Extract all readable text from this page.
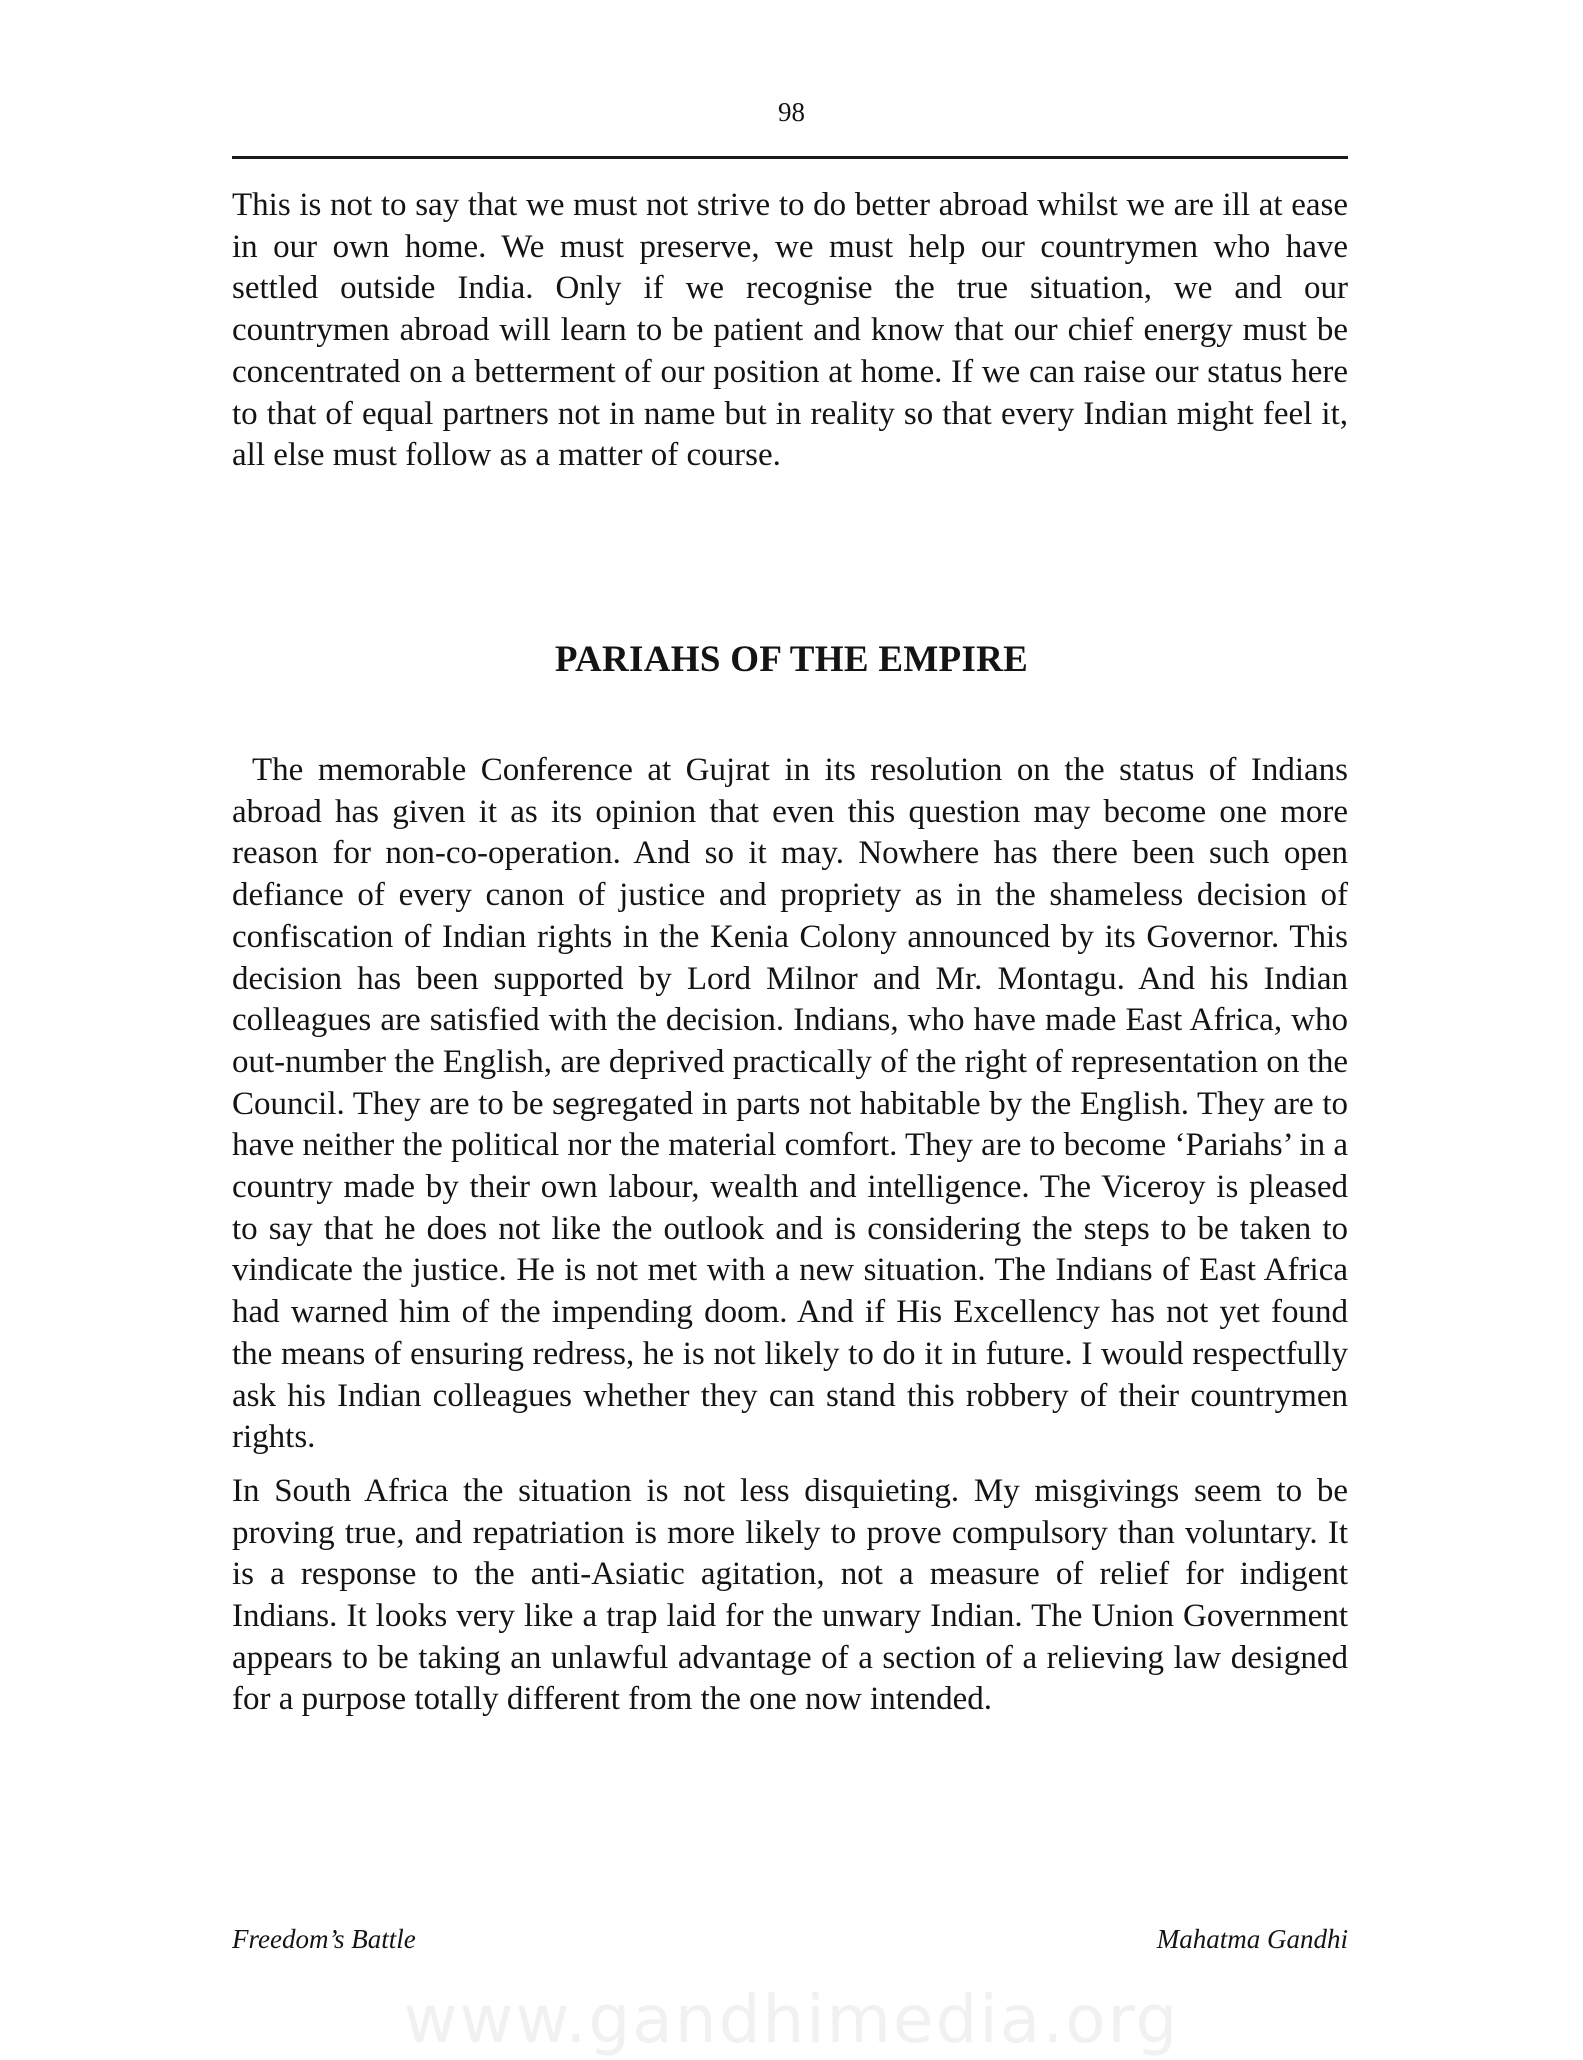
98

This is not to say that we must not strive to do better abroad whilst we are ill at ease in our own home. We must preserve, we must help our countrymen who have settled outside India. Only if we recognise the true situation, we and our countrymen abroad will learn to be patient and know that our chief energy must be concentrated on a betterment of our position at home. If we can raise our status here to that of equal partners not in name but in reality so that every Indian might feel it, all else must follow as a matter of course.

PARIAHS OF THE EMPIRE

The memorable Conference at Gujrat in its resolution on the status of Indians abroad has given it as its opinion that even this question may become one more reason for non-co-operation. And so it may. Nowhere has there been such open defiance of every canon of justice and propriety as in the shameless decision of confiscation of Indian rights in the Kenia Colony announced by its Governor. This decision has been supported by Lord Milnor and Mr. Montagu. And his Indian colleagues are satisfied with the decision. Indians, who have made East Africa, who out-number the English, are deprived practically of the right of representation on the Council. They are to be segregated in parts not habitable by the English. They are to have neither the political nor the material comfort. They are to become ‘Pariahs’ in a country made by their own labour, wealth and intelligence. The Viceroy is pleased to say that he does not like the outlook and is considering the steps to be taken to vindicate the justice. He is not met with a new situation. The Indians of East Africa had warned him of the impending doom. And if His Excellency has not yet found the means of ensuring redress, he is not likely to do it in future. I would respectfully ask his Indian colleagues whether they can stand this robbery of their countrymen rights.

In South Africa the situation is not less disquieting. My misgivings seem to be proving true, and repatriation is more likely to prove compulsory than voluntary. It is a response to the anti-Asiatic agitation, not a measure of relief for indigent Indians. It looks very like a trap laid for the unwary Indian. The Union Government appears to be taking an unlawful advantage of a section of a relieving law designed for a purpose totally different from the one now intended.

Freedom’s Battle	Mahatma Gandhi
www.gandhimedia.org
